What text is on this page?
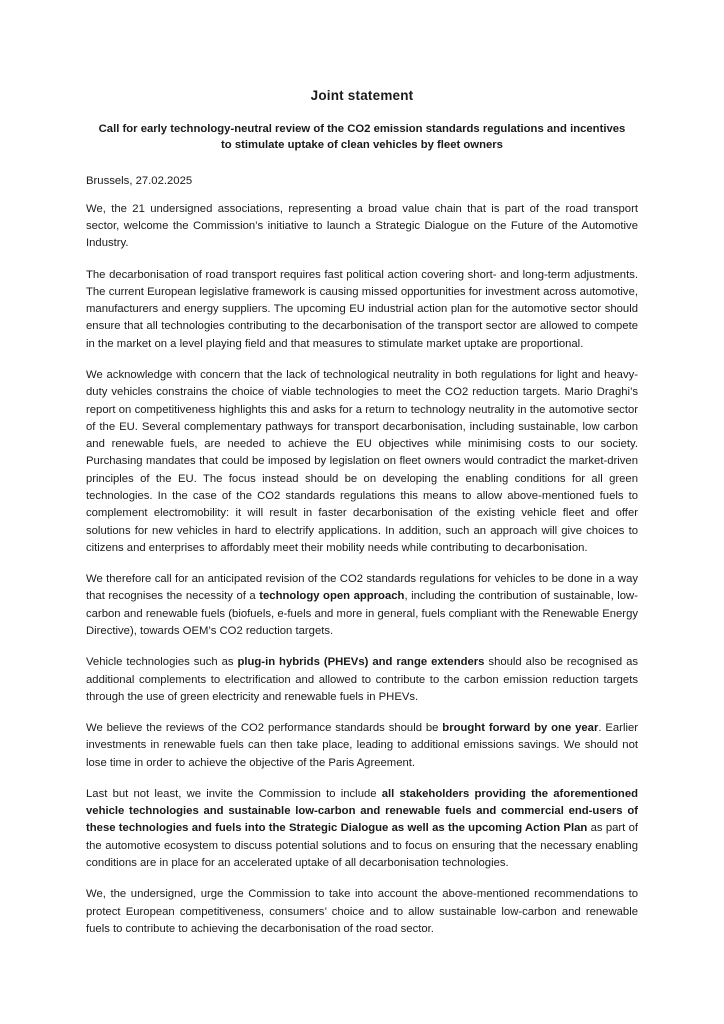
Joint statement
Call for early technology-neutral review of the CO2 emission standards regulations and incentives to stimulate uptake of clean vehicles by fleet owners
Brussels, 27.02.2025

We, the 21 undersigned associations, representing a broad value chain that is part of the road transport sector, welcome the Commission’s initiative to launch a Strategic Dialogue on the Future of the Automotive Industry.

The decarbonisation of road transport requires fast political action covering short- and long-term adjustments. The current European legislative framework is causing missed opportunities for investment across automotive, manufacturers and energy suppliers. The upcoming EU industrial action plan for the automotive sector should ensure that all technologies contributing to the decarbonisation of the transport sector are allowed to compete in the market on a level playing field and that measures to stimulate market uptake are proportional.

We acknowledge with concern that the lack of technological neutrality in both regulations for light and heavy-duty vehicles constrains the choice of viable technologies to meet the CO2 reduction targets. Mario Draghi’s report on competitiveness highlights this and asks for a return to technology neutrality in the automotive sector of the EU. Several complementary pathways for transport decarbonisation, including sustainable, low carbon and renewable fuels, are needed to achieve the EU objectives while minimising costs to our society. Purchasing mandates that could be imposed by legislation on fleet owners would contradict the market-driven principles of the EU. The focus instead should be on developing the enabling conditions for all green technologies. In the case of the CO2 standards regulations this means to allow above-mentioned fuels to complement electromobility: it will result in faster decarbonisation of the existing vehicle fleet and offer solutions for new vehicles in hard to electrify applications. In addition, such an approach will give choices to citizens and enterprises to affordably meet their mobility needs while contributing to decarbonisation.

We therefore call for an anticipated revision of the CO2 standards regulations for vehicles to be done in a way that recognises the necessity of a technology open approach, including the contribution of sustainable, low-carbon and renewable fuels (biofuels, e-fuels and more in general, fuels compliant with the Renewable Energy Directive), towards OEM’s CO2 reduction targets.

Vehicle technologies such as plug-in hybrids (PHEVs) and range extenders should also be recognised as additional complements to electrification and allowed to contribute to the carbon emission reduction targets through the use of green electricity and renewable fuels in PHEVs.

We believe the reviews of the CO2 performance standards should be brought forward by one year. Earlier investments in renewable fuels can then take place, leading to additional emissions savings. We should not lose time in order to achieve the objective of the Paris Agreement.

Last but not least, we invite the Commission to include all stakeholders providing the aforementioned vehicle technologies and sustainable low-carbon and renewable fuels and commercial end-users of these technologies and fuels into the Strategic Dialogue as well as the upcoming Action Plan as part of the automotive ecosystem to discuss potential solutions and to focus on ensuring that the necessary enabling conditions are in place for an accelerated uptake of all decarbonisation technologies.

We, the undersigned, urge the Commission to take into account the above-mentioned recommendations to protect European competitiveness, consumers’ choice and to allow sustainable low-carbon and renewable fuels to contribute to achieving the decarbonisation of the road sector.
